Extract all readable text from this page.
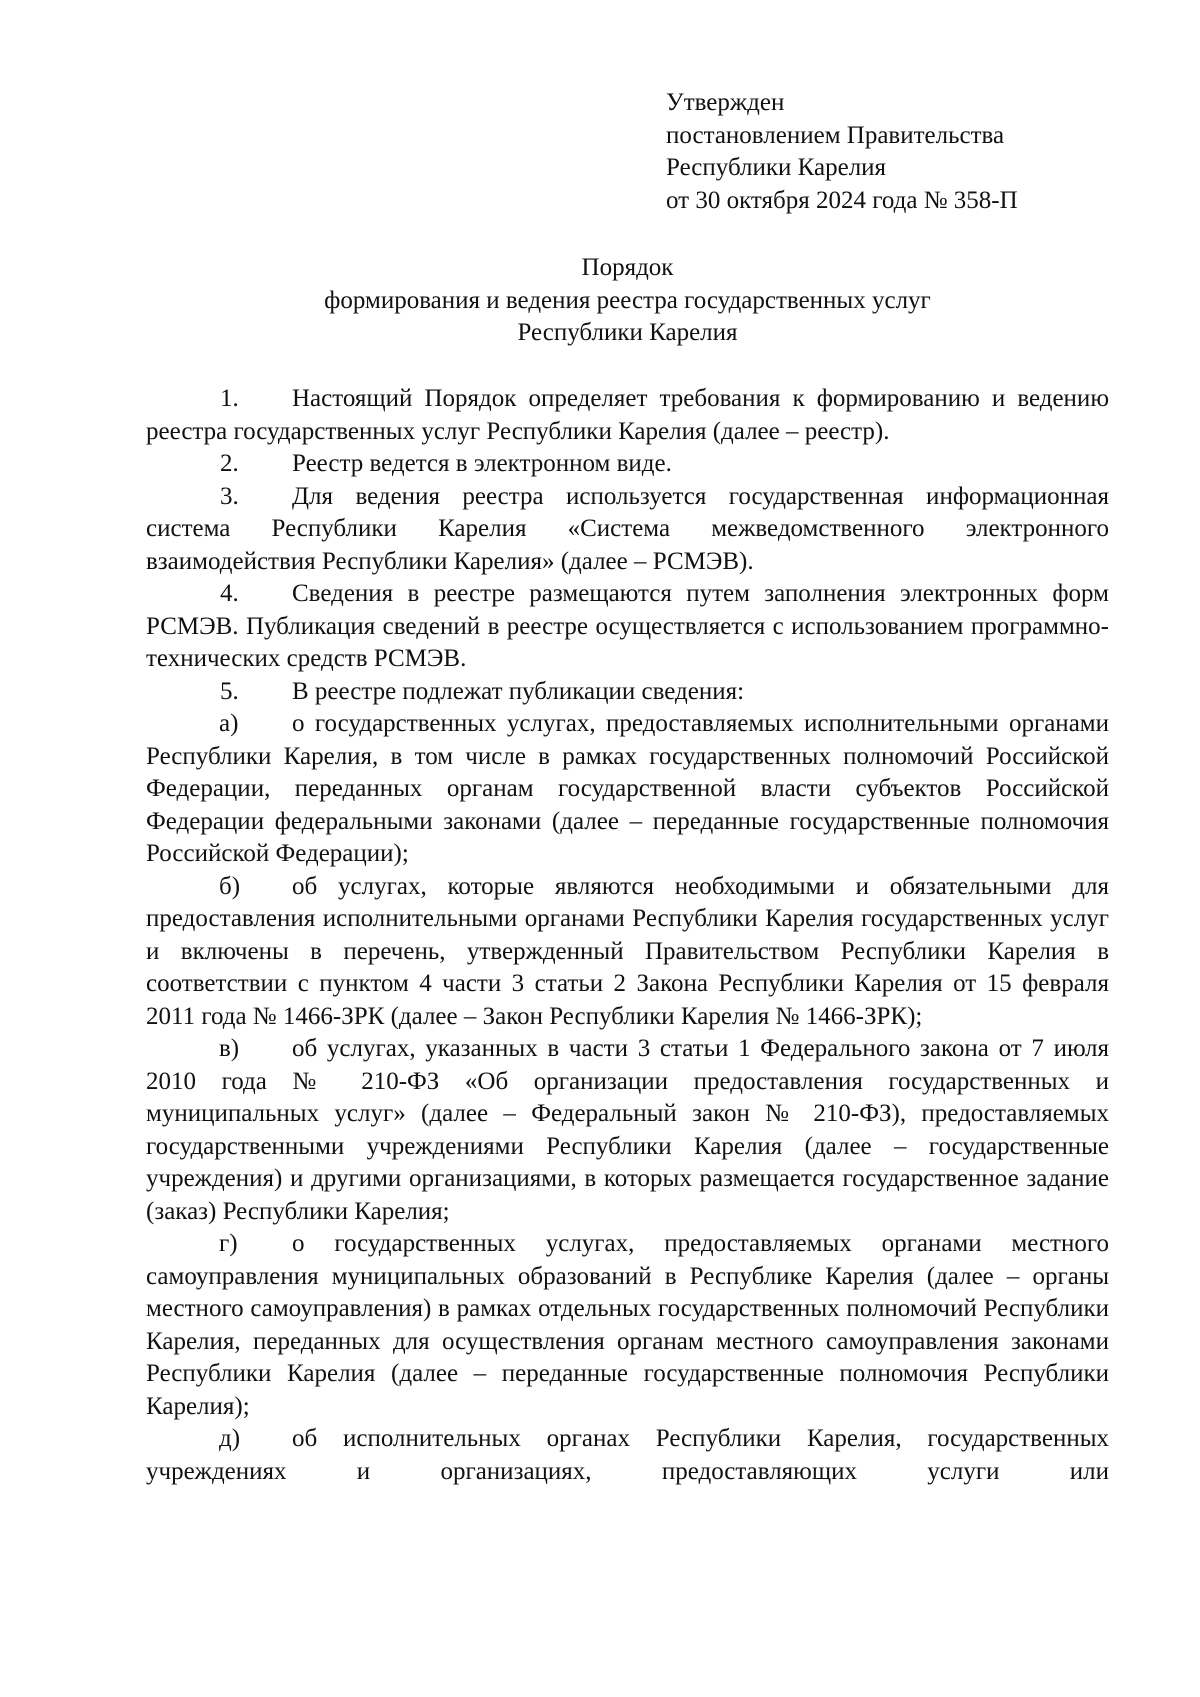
Утвержден
постановлением Правительства
Республики Карелия
от 30 октября 2024 года № 358-П
Порядок
формирования и ведения реестра государственных услуг
Республики Карелия

1. Настоящий Порядок определяет требования к формированию и ведению реестра государственных услуг Республики Карелия (далее – реестр).

2. Реестр ведется в электронном виде.

3. Для ведения реестра используется государственная информационная система Республики Карелия «Система межведомственного электронного взаимодействия Республики Карелия» (далее – РСМЭВ).

4. Сведения в реестре размещаются путем заполнения электронных форм РСМЭВ. Публикация сведений в реестре осуществляется с использованием программно-технических средств РСМЭВ.

5. В реестре подлежат публикации сведения:

а) о государственных услугах, предоставляемых исполнительными органами Республики Карелия, в том числе в рамках государственных полномочий Российской Федерации, переданных органам государственной власти субъектов Российской Федерации федеральными законами (далее – переданные государственные полномочия Российской Федерации);

б) об услугах, которые являются необходимыми и обязательными для предоставления исполнительными органами Республики Карелия государственных услуг и включены в перечень, утвержденный Правительством Республики Карелия в соответствии с пунктом 4 части 3 статьи 2 Закона Республики Карелия от 15 февраля 2011 года № 1466-ЗРК (далее – Закон Республики Карелия № 1466-ЗРК);

в) об услугах, указанных в части 3 статьи 1 Федерального закона от 7 июля 2010 года № 210-ФЗ «Об организации предоставления государственных и муниципальных услуг» (далее – Федеральный закон № 210-ФЗ), предоставляемых государственными учреждениями Республики Карелия (далее – государственные учреждения) и другими организациями, в которых размещается государственное задание (заказ) Республики Карелия;

г) о государственных услугах, предоставляемых органами местного самоуправления муниципальных образований в Республике Карелия (далее – органы местного самоуправления) в рамках отдельных государственных полномочий Республики Карелия, переданных для осуществления органам местного самоуправления законами Республики Карелия (далее – переданные государственные полномочия Республики Карелия);

д) об исполнительных органах Республики Карелия, государственных учреждениях и организациях, предоставляющих услуги или
